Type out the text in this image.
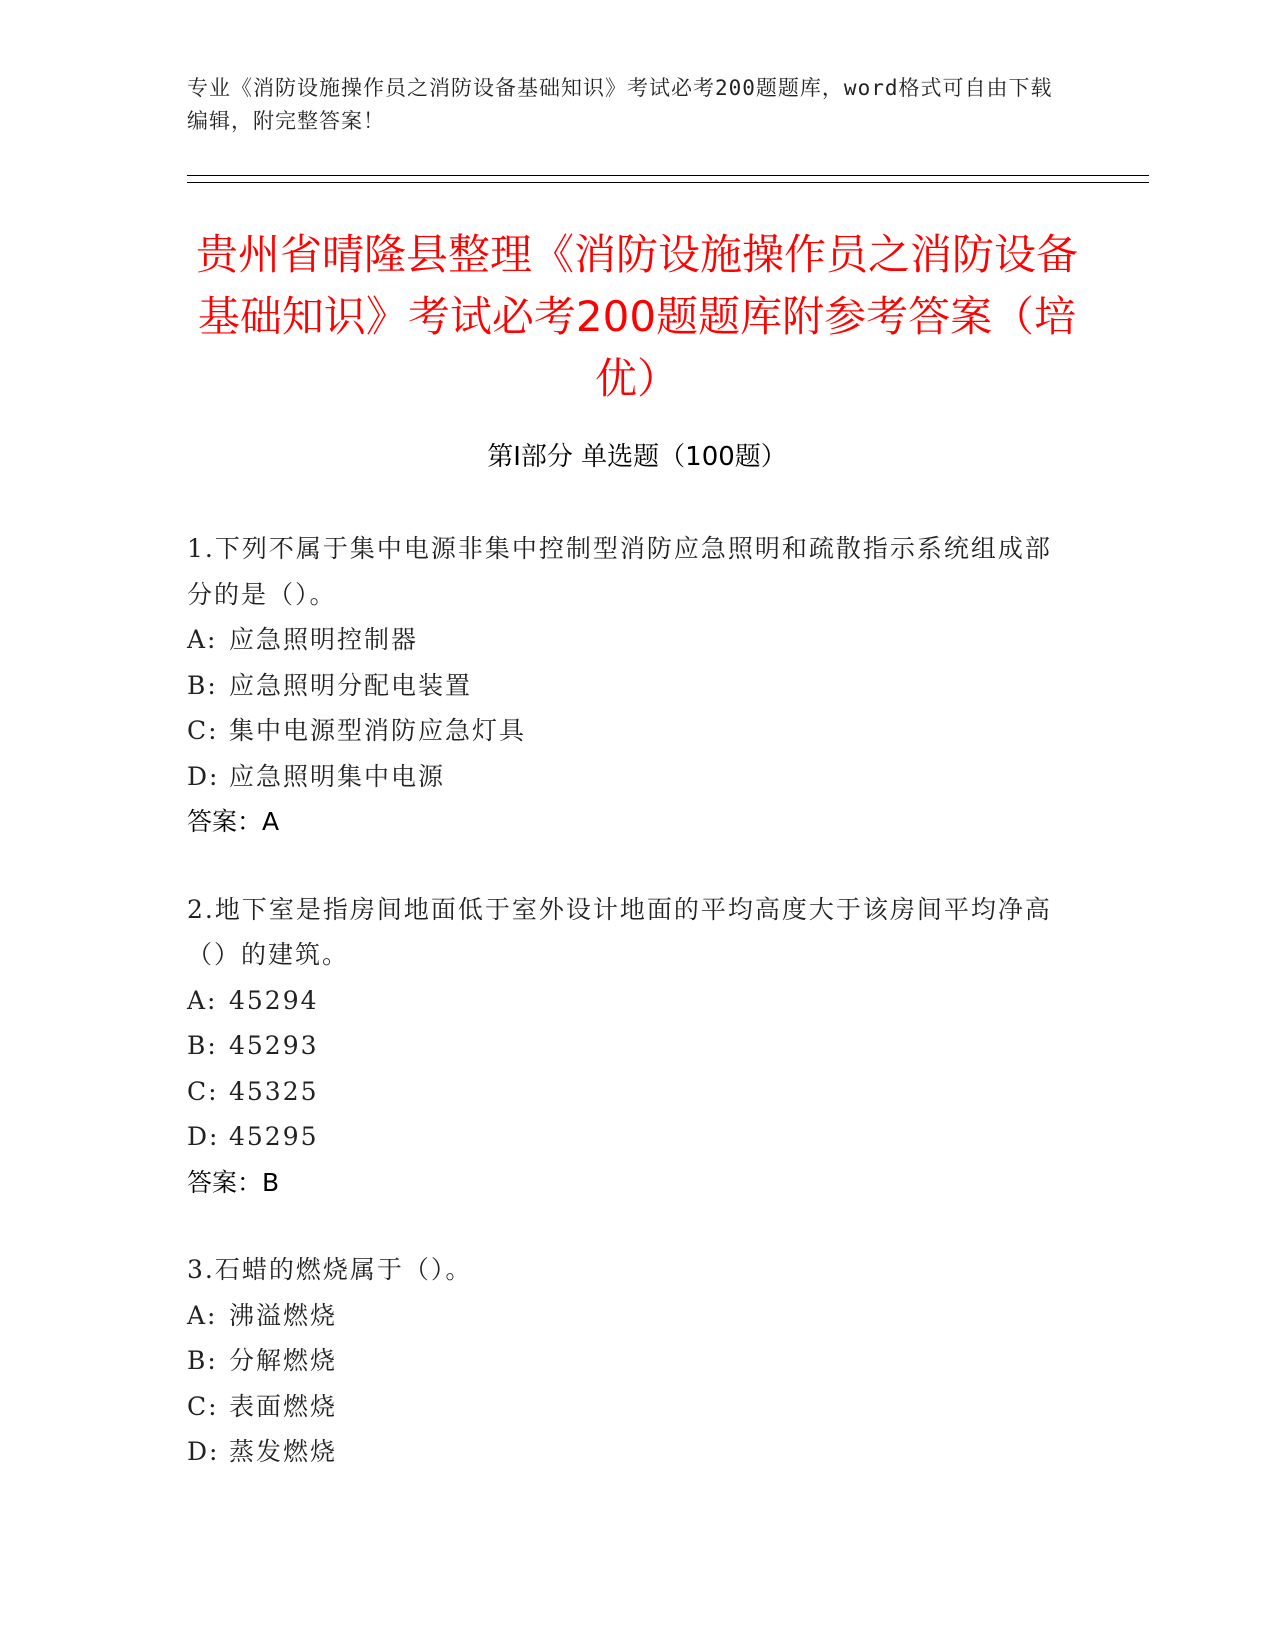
专业《消防设施操作员之消防设备基础知识》考试必考200题题库，word格式可自由下载编辑，附完整答案！
贵州省晴隆县整理《消防设施操作员之消防设备基础知识》考试必考200题题库附参考答案（培优）
第Ⅰ部分 单选题（100题）
1.下列不属于集中电源非集中控制型消防应急照明和疏散指示系统组成部分的是（）。
A: 应急照明控制器
B: 应急照明分配电装置
C: 集中电源型消防应急灯具
D: 应急照明集中电源
答案：A
2.地下室是指房间地面低于室外设计地面的平均高度大于该房间平均净高（）的建筑。
A: 45294
B: 45293
C: 45325
D: 45295
答案：B
3.石蜡的燃烧属于（）。
A: 沸溢燃烧
B: 分解燃烧
C: 表面燃烧
D: 蒸发燃烧
